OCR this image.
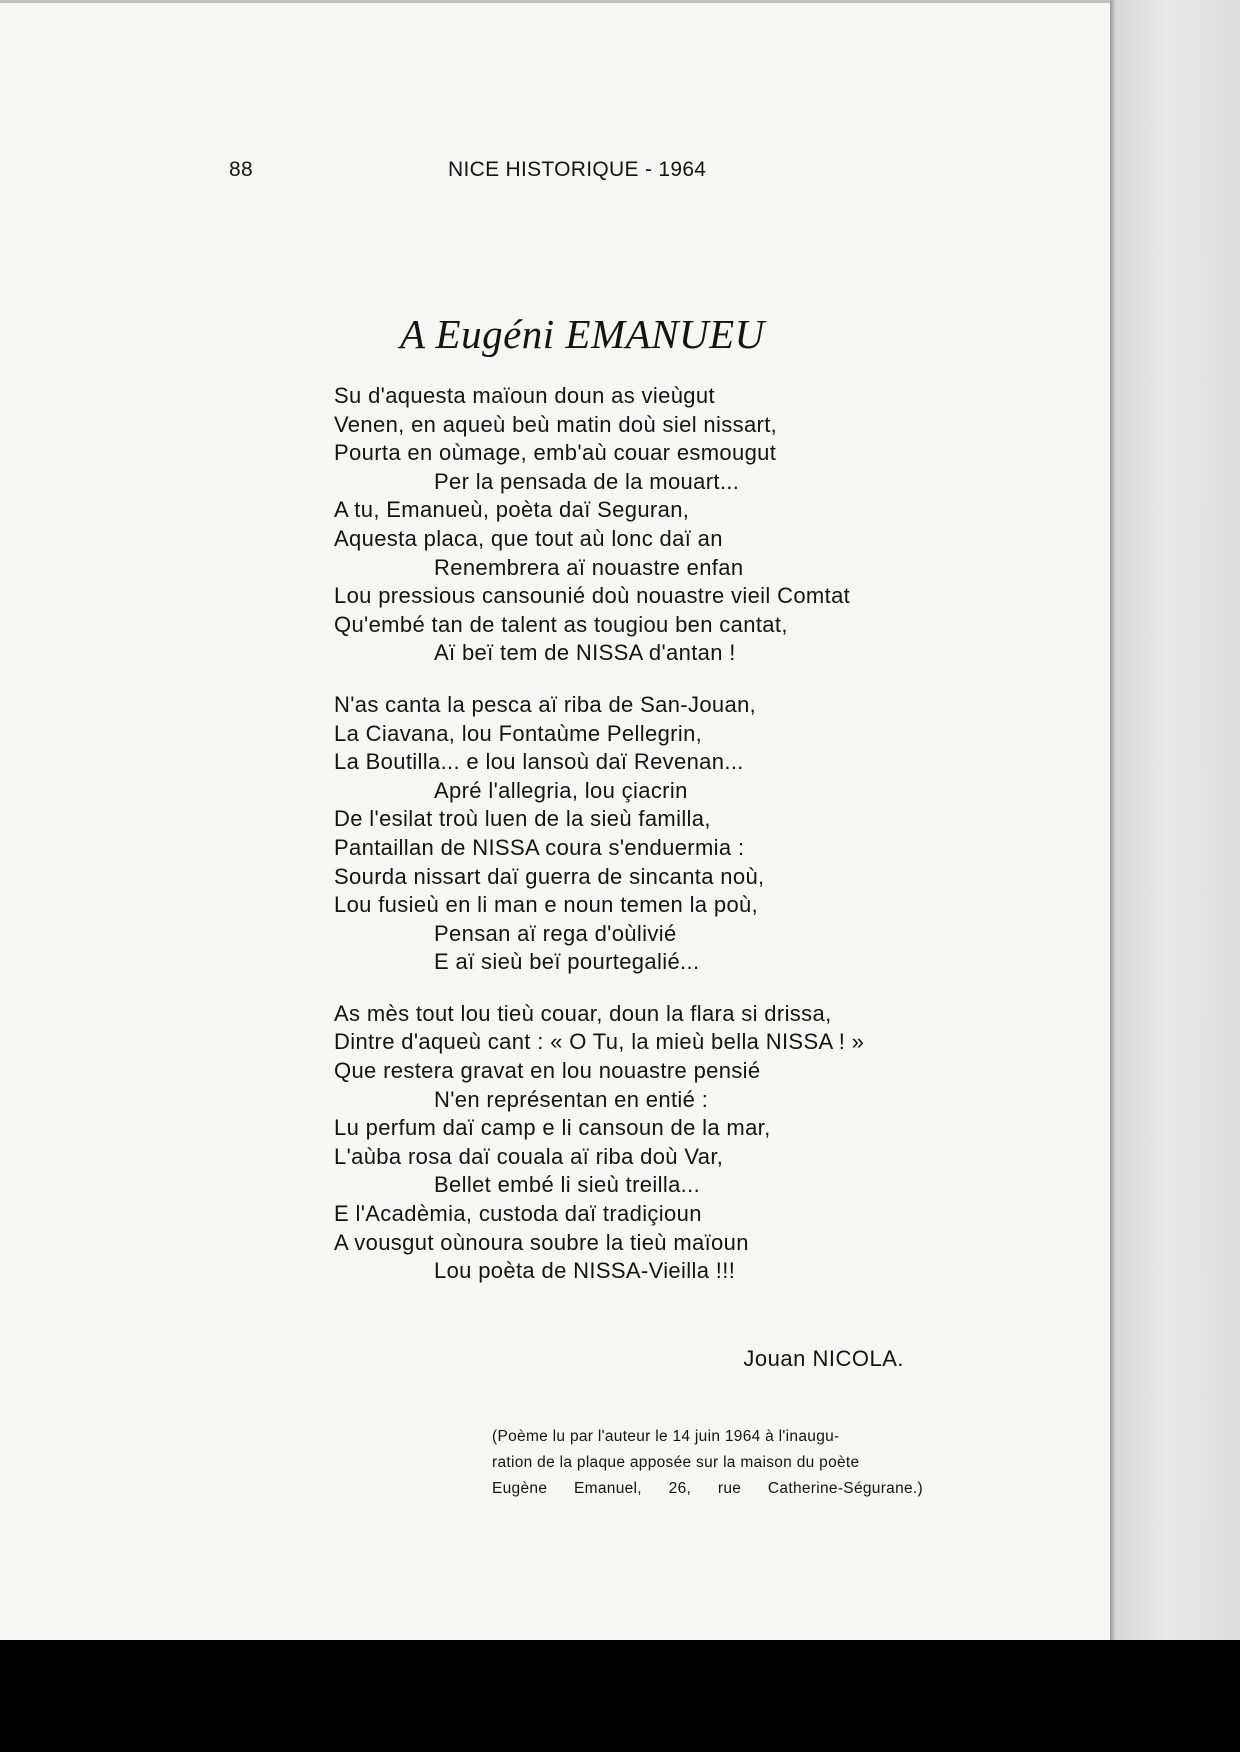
88	NICE HISTORIQUE - 1964
A Eugéni EMANUEU
Su d'aquesta maïoun doun as vieùgut
Venen, en aqueù beù matin doù siel nissart,
Pourta en oùmage, emb'aù couar esmougut
Per la pensada de la mouart...
A tu, Emanueù, poèta daï Seguran,
Aquesta placa, que tout aù lonc daï an
Renembrera aï nouastre enfan
Lou pressious cansounié doù nouastre vieil Comtat
Qu'embé tan de talent as tougiou ben cantat,
Aï beï tem de NISSA d'antan !
N'as canta la pesca aï riba de San-Jouan,
La Ciavana, lou Fontaùme Pellegrin,
La Boutilla... e lou lansoù daï Revenan...
Apré l'allegria, lou çiacrin
De l'esilat troù luen de la sieù familla,
Pantaillan de NISSA coura s'enduermia :
Sourda nissart daï guerra de sincanta noù,
Lou fusieù en li man e noun temen la poù,
Pensan aï rega d'oùlivié
E aï sieù beï pourtegalié...
As mès tout lou tieù couar, doun la flara si drissa,
Dintre d'aqueù cant : « O Tu, la mieù bella NISSA ! »
Que restera gravat en lou nouastre pensié
N'en représentan en entié :
Lu perfum daï camp e li cansoun de la mar,
L'aùba rosa daï couala aï riba doù Var,
Bellet embé li sieù treilla...
E l'Acadèmia, custoda daï tradiçioun
A vousgut oùnoura soubre la tieù maïoun
Lou poèta de NISSA-Vieilla !!!
Jouan NICOLA.
(Poème lu par l'auteur le 14 juin 1964 à l'inaugu-
ration de la plaque apposée sur la maison du poète
Eugène Emanuel, 26, rue Catherine-Ségurane.)
